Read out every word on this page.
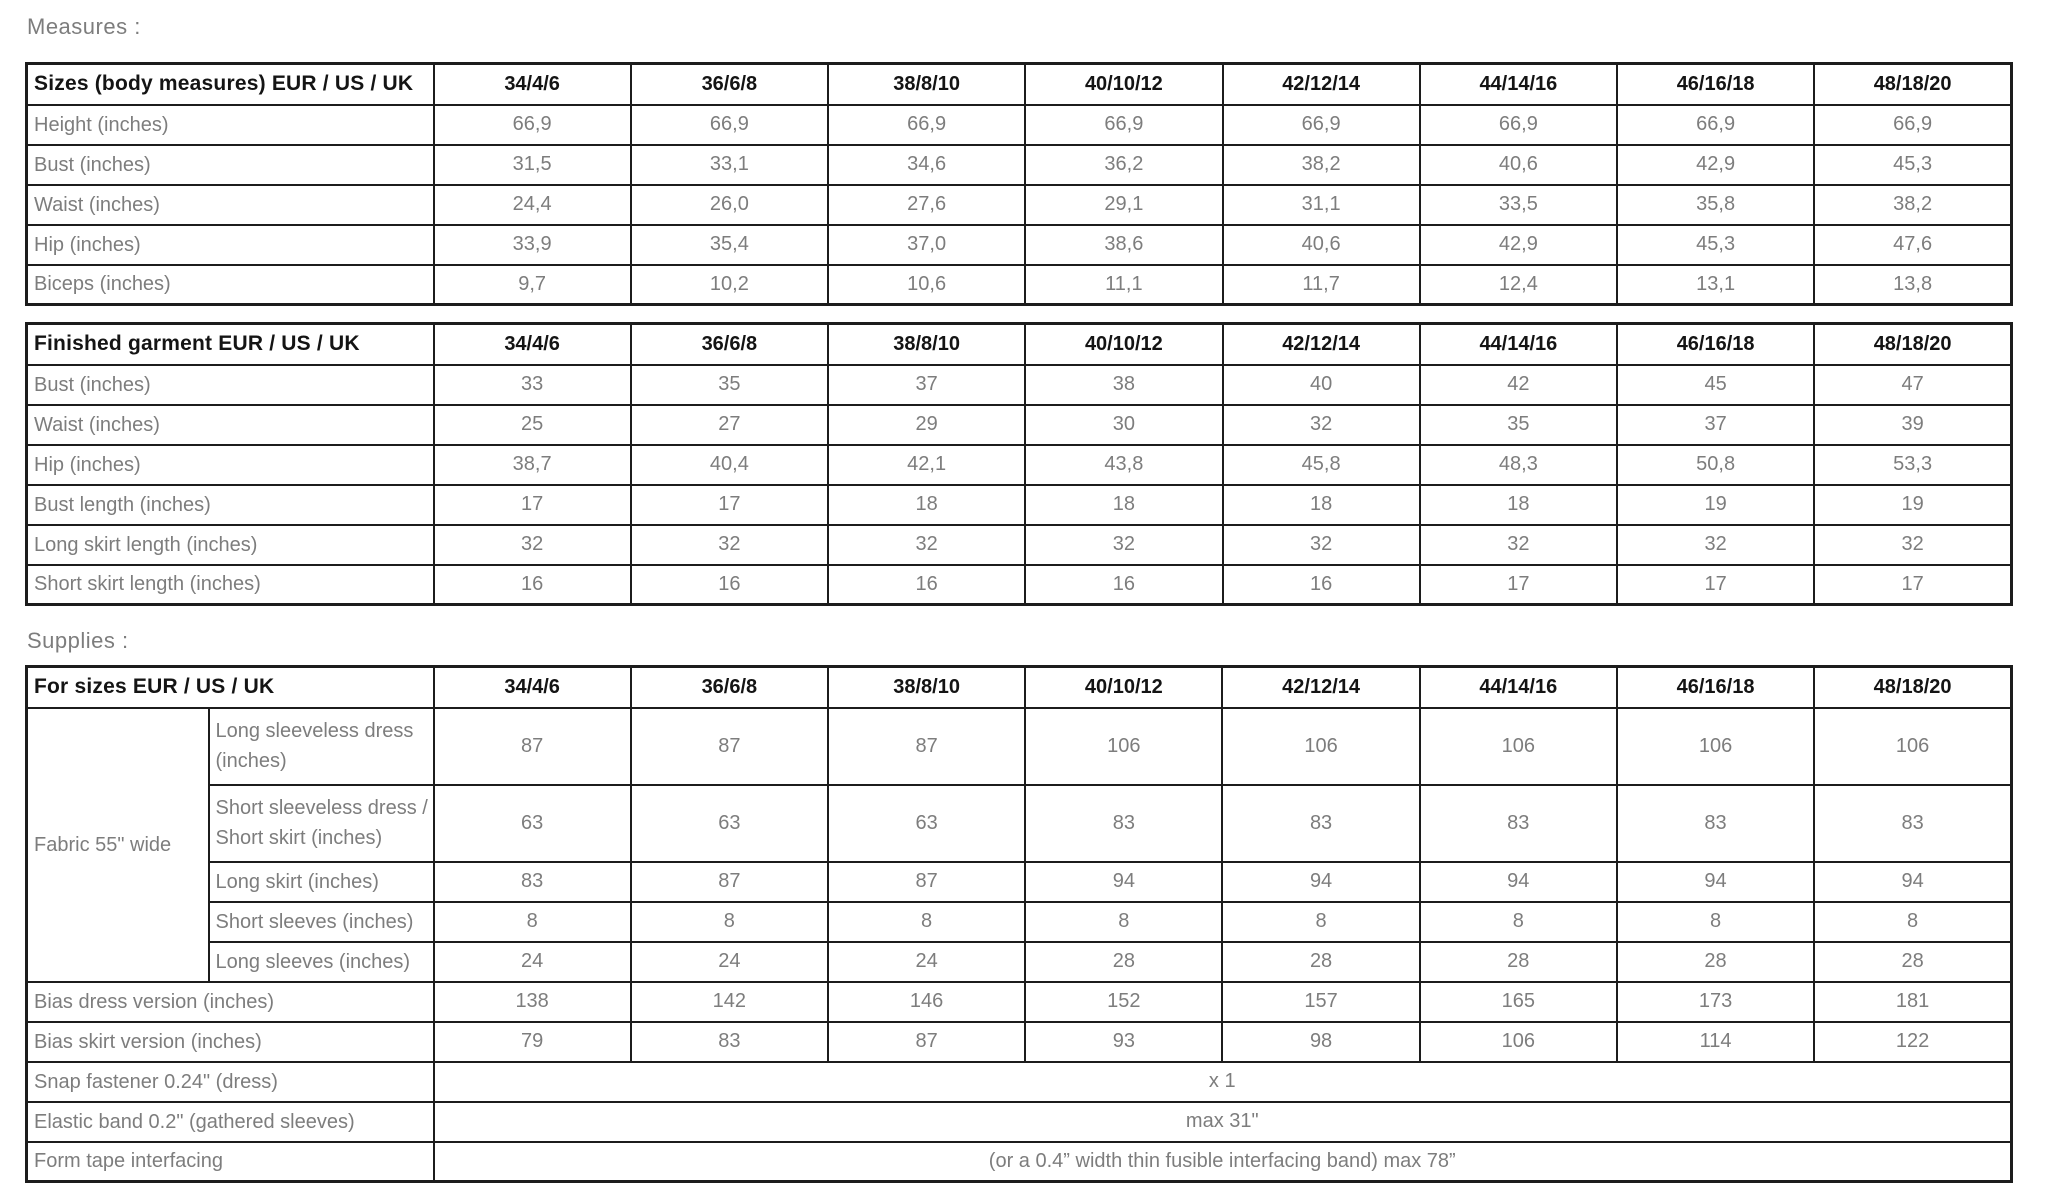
Measures :

Sizes (body measures) EUR / US / UK	34/4/6	36/6/8	38/8/10	40/10/12	42/12/14	44/14/16	46/16/18	48/18/20
Height (inches)	66,9	66,9	66,9	66,9	66,9	66,9	66,9	66,9
Bust (inches)	31,5	33,1	34,6	36,2	38,2	40,6	42,9	45,3
Waist (inches)	24,4	26,0	27,6	29,1	31,1	33,5	35,8	38,2
Hip (inches)	33,9	35,4	37,0	38,6	40,6	42,9	45,3	47,6
Biceps (inches)	9,7	10,2	10,6	11,1	11,7	12,4	13,1	13,8
Finished garment EUR / US / UK	34/4/6	36/6/8	38/8/10	40/10/12	42/12/14	44/14/16	46/16/18	48/18/20
Bust (inches)	33	35	37	38	40	42	45	47
Waist (inches)	25	27	29	30	32	35	37	39
Hip (inches)	38,7	40,4	42,1	43,8	45,8	48,3	50,8	53,3
Bust length (inches)	17	17	18	18	18	18	19	19
Long skirt length (inches)	32	32	32	32	32	32	32	32
Short skirt length (inches)	16	16	16	16	16	17	17	17

Supplies :

For sizes EUR / US / UK		34/4/6	36/6/8	38/8/10	40/10/12	42/12/14	44/14/16	46/16/18	48/18/20
Fabric 55" wide	Long sleeveless dress (inches)	87	87	87	106	106	106	106	106
	Short sleeveless dress / Short skirt (inches)	63	63	63	83	83	83	83	83
	Long skirt (inches)	83	87	87	94	94	94	94	94
	Short sleeves (inches)	8	8	8	8	8	8	8	8
	Long sleeves (inches)	24	24	24	28	28	28	28	28
Bias dress version (inches)		138	142	146	152	157	165	173	181
Bias skirt version (inches)		79	83	87	93	98	106	114	122
Snap fastener 0.24" (dress)		x 1							
Elastic band 0.2" (gathered sleeves)		max 31"							
Form tape interfacing		(or a 0.4” width thin fusible interfacing band) max 78”							
